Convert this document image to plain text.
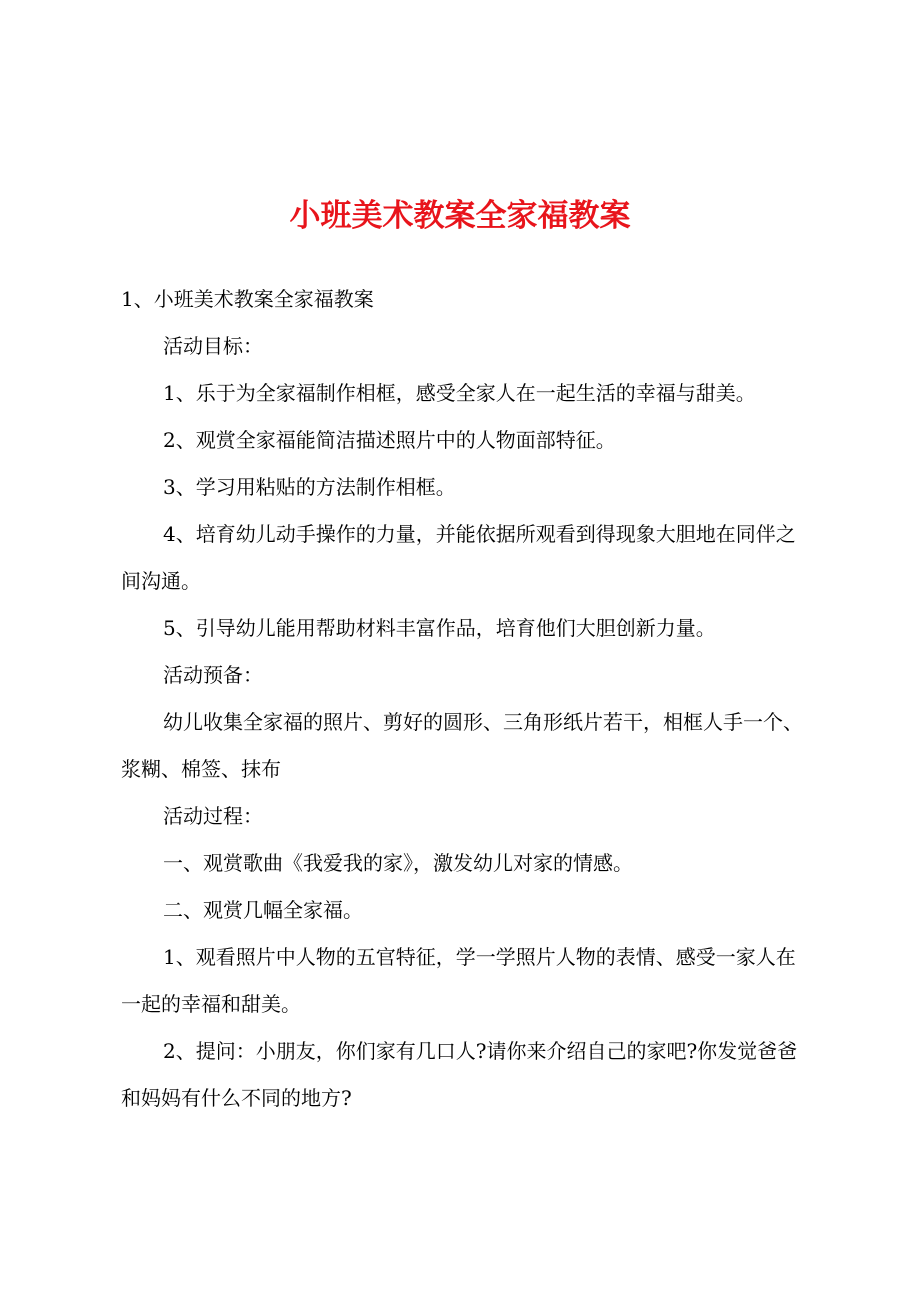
小班美术教案全家福教案

1、小班美术教案全家福教案

活动目标：

1、乐于为全家福制作相框，感受全家人在一起生活的幸福与甜美。

2、观赏全家福能简洁描述照片中的人物面部特征。

3、学习用粘贴的方法制作相框。

4、培育幼儿动手操作的力量，并能依据所观看到得现象大胆地在同伴之间沟通。

5、引导幼儿能用帮助材料丰富作品，培育他们大胆创新力量。

活动预备：

幼儿收集全家福的照片、剪好的圆形、三角形纸片若干，相框人手一个、浆糊、棉签、抹布

活动过程：

一、观赏歌曲《我爱我的家》，激发幼儿对家的情感。

二、观赏几幅全家福。

1、观看照片中人物的五官特征，学一学照片人物的表情、感受一家人在一起的幸福和甜美。

2、提问：小朋友，你们家有几口人?请你来介绍自己的家吧?你发觉爸爸和妈妈有什么不同的地方?
